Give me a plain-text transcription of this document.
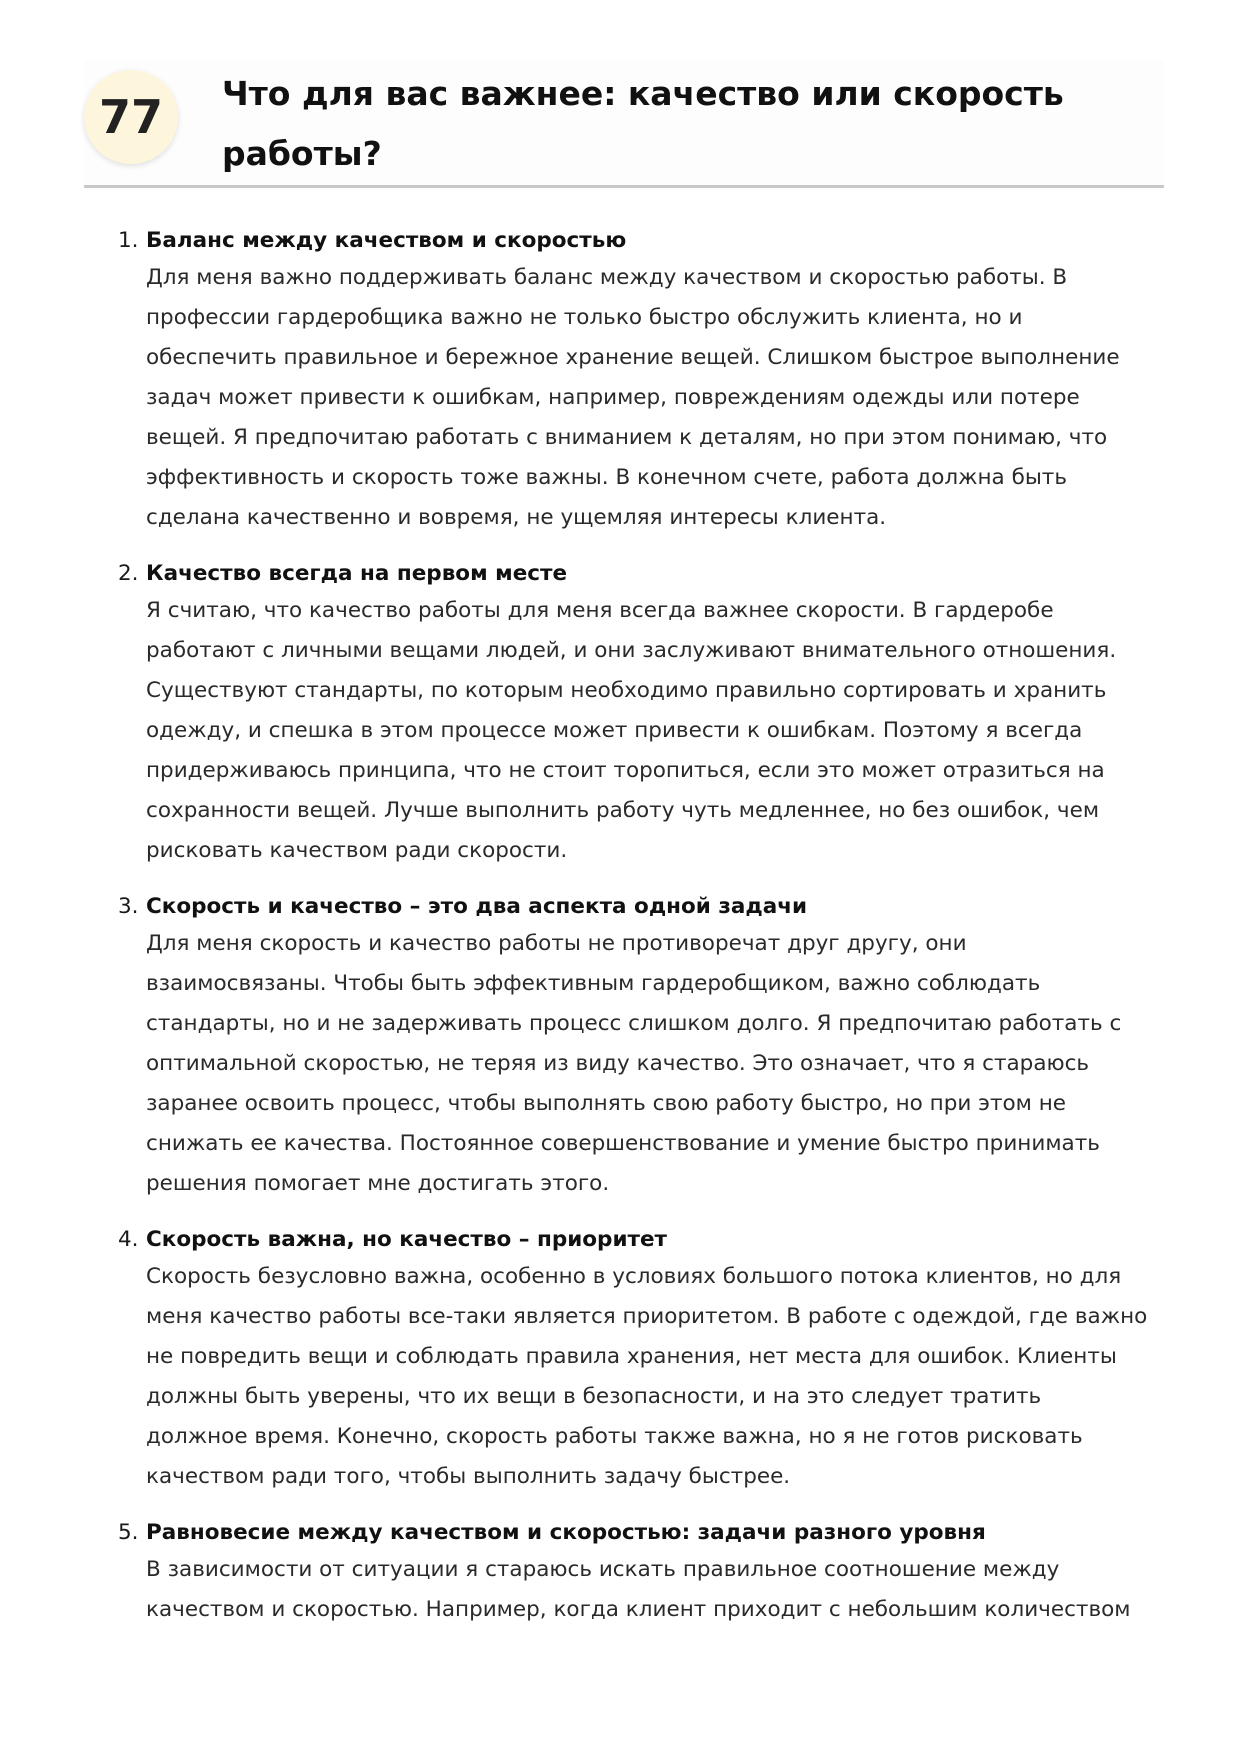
77	Что для вас важнее: качество или скорость работы?
1. Баланс между качеством и скоростью

Для меня важно поддерживать баланс между качеством и скоростью работы. В профессии гардеробщика важно не только быстро обслужить клиента, но и обеспечить правильное и бережное хранение вещей. Слишком быстрое выполнение задач может привести к ошибкам, например, повреждениям одежды или потере вещей. Я предпочитаю работать с вниманием к деталям, но при этом понимаю, что эффективность и скорость тоже важны. В конечном счете, работа должна быть сделана качественно и вовремя, не ущемляя интересы клиента.

2. Качество всегда на первом месте

Я считаю, что качество работы для меня всегда важнее скорости. В гардеробе работают с личными вещами людей, и они заслуживают внимательного отношения. Существуют стандарты, по которым необходимо правильно сортировать и хранить одежду, и спешка в этом процессе может привести к ошибкам. Поэтому я всегда придерживаюсь принципа, что не стоит торопиться, если это может отразиться на сохранности вещей. Лучше выполнить работу чуть медленнее, но без ошибок, чем рисковать качеством ради скорости.

3. Скорость и качество – это два аспекта одной задачи

Для меня скорость и качество работы не противоречат друг другу, они взаимосвязаны. Чтобы быть эффективным гардеробщиком, важно соблюдать стандарты, но и не задерживать процесс слишком долго. Я предпочитаю работать с оптимальной скоростью, не теряя из виду качество. Это означает, что я стараюсь заранее освоить процесс, чтобы выполнять свою работу быстро, но при этом не снижать ее качества. Постоянное совершенствование и умение быстро принимать решения помогает мне достигать этого.

4. Скорость важна, но качество – приоритет

Скорость безусловно важна, особенно в условиях большого потока клиентов, но для меня качество работы все-таки является приоритетом. В работе с одеждой, где важно не повредить вещи и соблюдать правила хранения, нет места для ошибок. Клиенты должны быть уверены, что их вещи в безопасности, и на это следует тратить должное время. Конечно, скорость работы также важна, но я не готов рисковать качеством ради того, чтобы выполнить задачу быстрее.

5. Равновесие между качеством и скоростью: задачи разного уровня

В зависимости от ситуации я стараюсь искать правильное соотношение между качеством и скоростью. Например, когда клиент приходит с небольшим количеством
